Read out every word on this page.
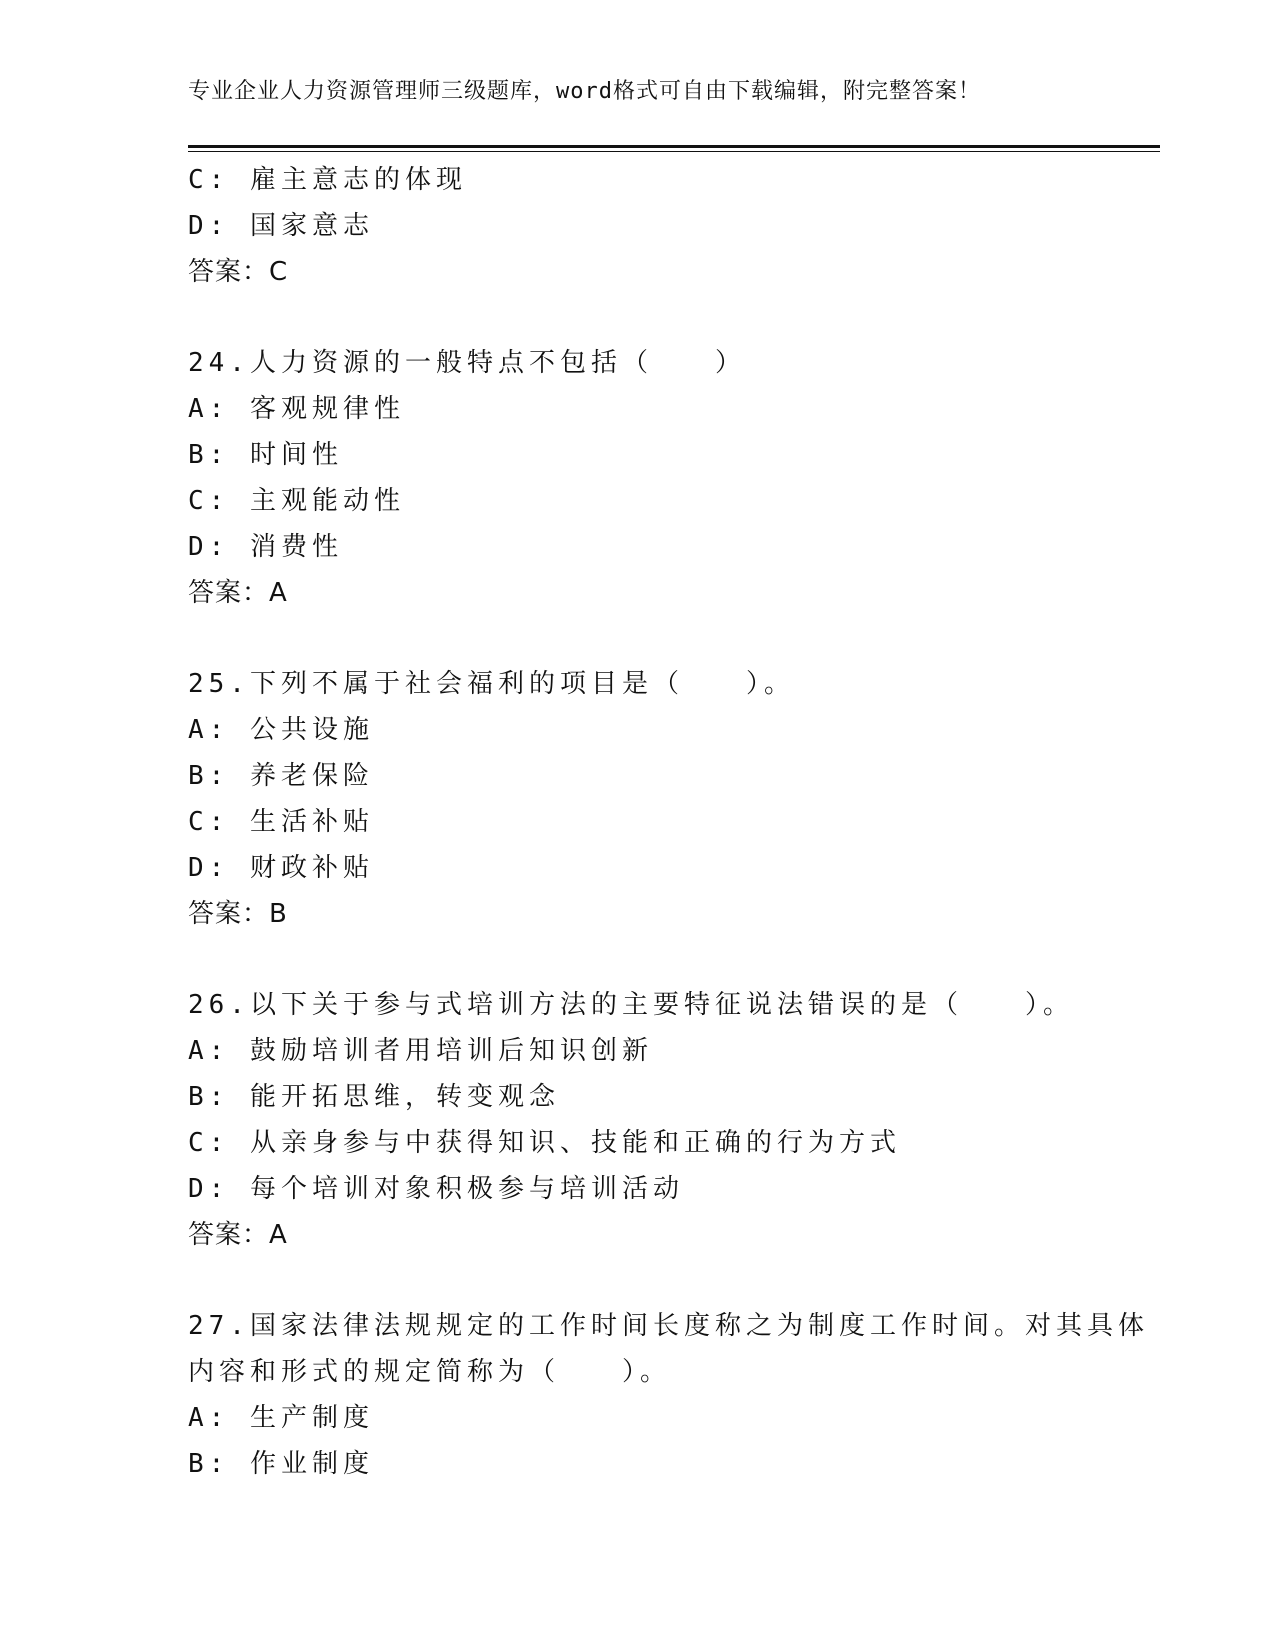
专业企业人力资源管理师三级题库，word格式可自由下载编辑，附完整答案！
C: 雇主意志的体现
D: 国家意志
答案：C
24.人力资源的一般特点不包括（　　）
A: 客观规律性
B: 时间性
C: 主观能动性
D: 消费性
答案：A
25.下列不属于社会福利的项目是（　　）。
A: 公共设施
B: 养老保险
C: 生活补贴
D: 财政补贴
答案：B
26.以下关于参与式培训方法的主要特征说法错误的是（　　）。
A: 鼓励培训者用培训后知识创新
B: 能开拓思维，转变观念
C: 从亲身参与中获得知识、技能和正确的行为方式
D: 每个培训对象积极参与培训活动
答案：A
27.国家法律法规规定的工作时间长度称之为制度工作时间。对其具体
内容和形式的规定简称为（　　）。
A: 生产制度
B: 作业制度
